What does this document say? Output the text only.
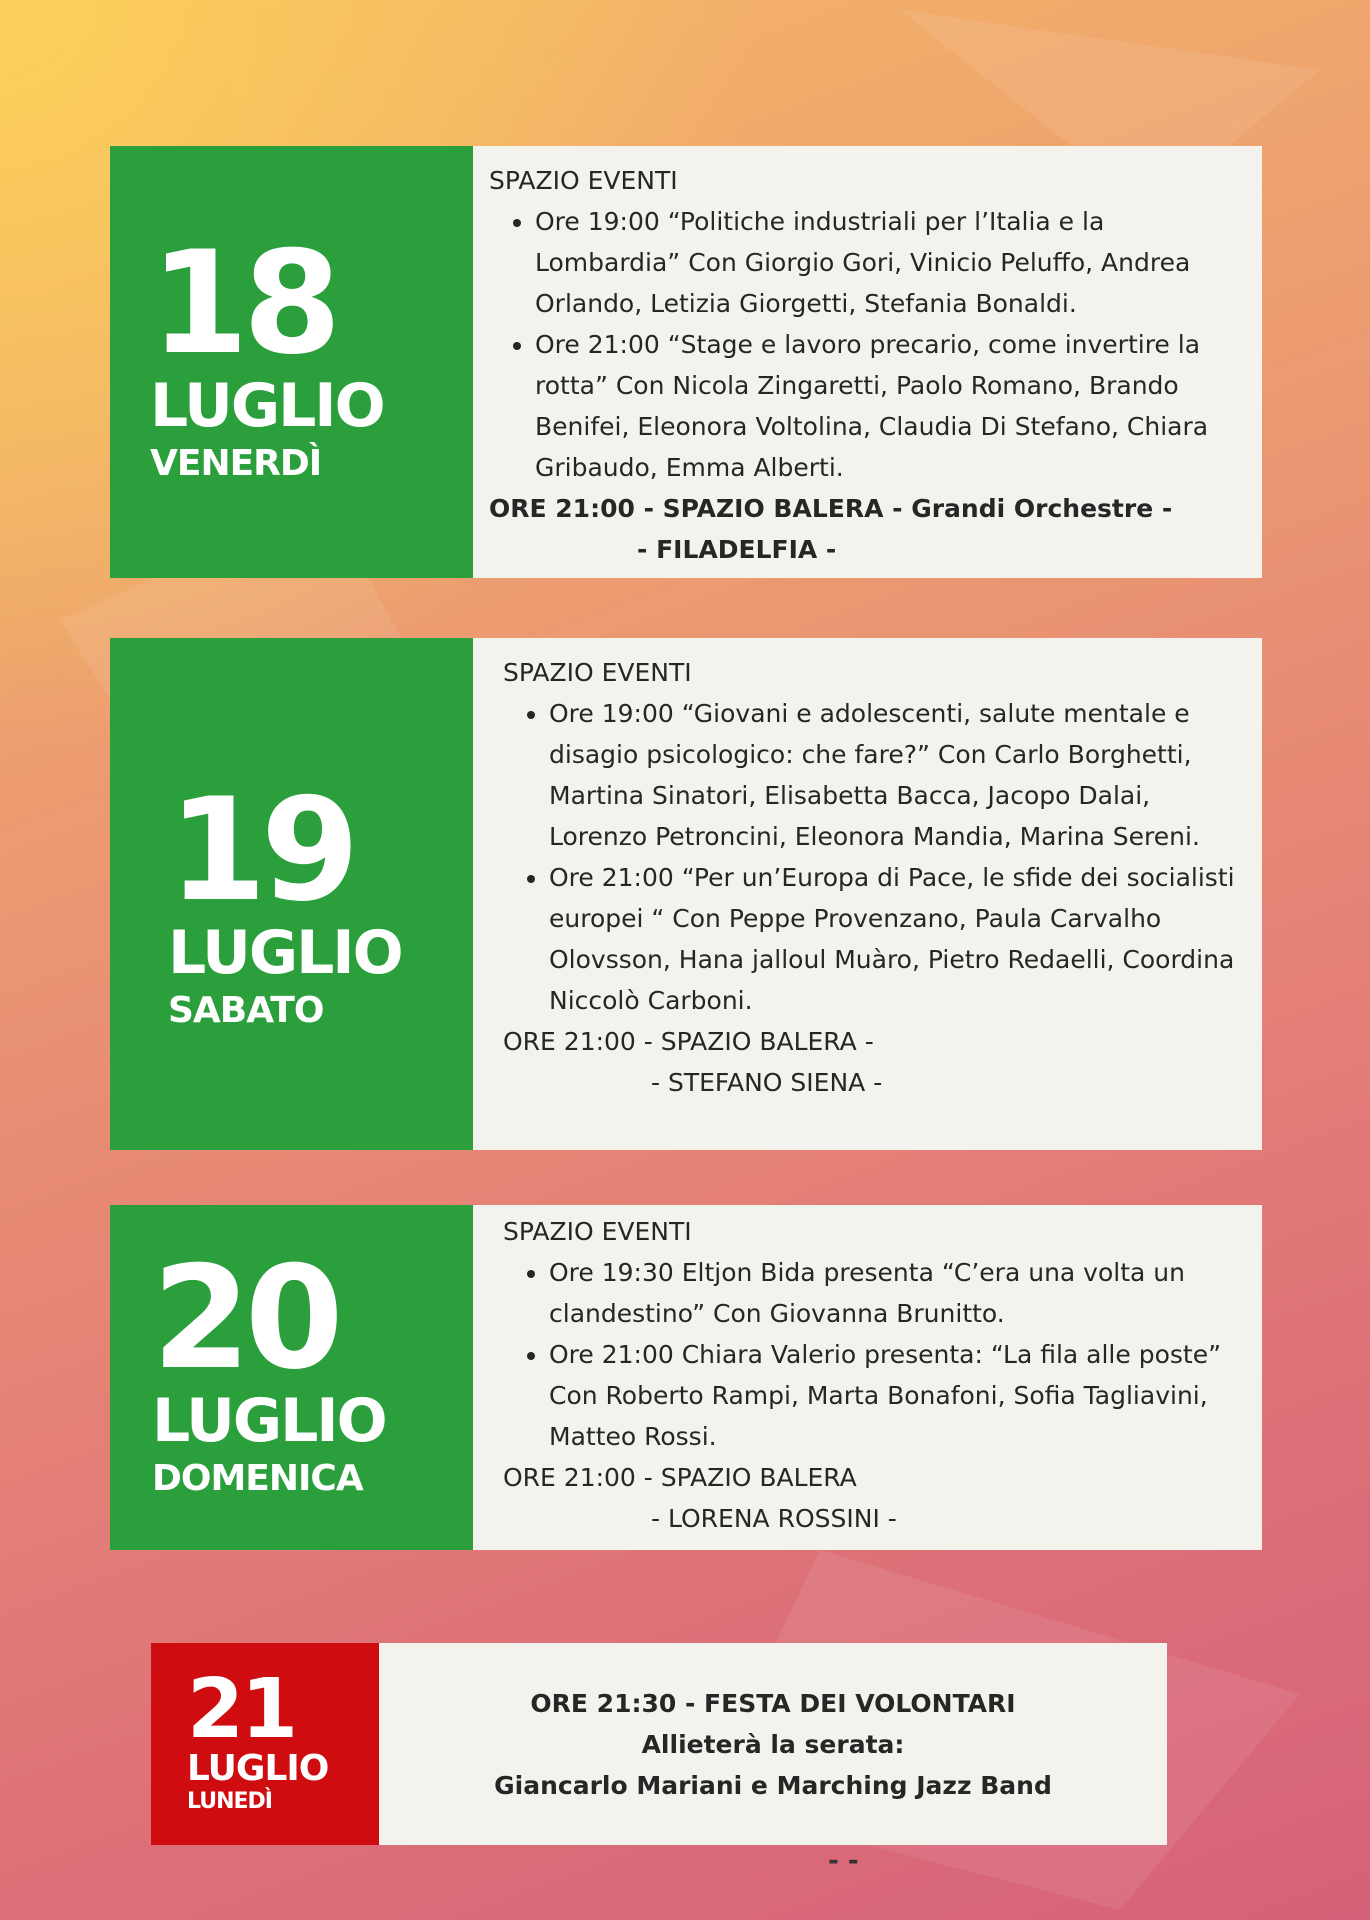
18
LUGLIO
VENERDÌ

SPAZIO EVENTI

• Ore 19:00 “Politiche industriali per l’Italia e la Lombardia” Con Giorgio Gori, Vinicio Peluffo, Andrea Orlando, Letizia Giorgetti, Stefania Bonaldi.
• Ore 21:00 “Stage e lavoro precario, come invertire la rotta” Con Nicola Zingaretti, Paolo Romano, Brando Benifei, Eleonora Voltolina, Claudia Di Stefano, Chiara Gribaudo, Emma Alberti.

ORE 21:00 - SPAZIO BALERA - Grandi Orchestre -

- FILADELFIA -

19
LUGLIO
SABATO

SPAZIO EVENTI

• Ore 19:00 “Giovani e adolescenti, salute mentale e disagio psicologico: che fare?” Con Carlo Borghetti, Martina Sinatori, Elisabetta Bacca, Jacopo Dalai, Lorenzo Petroncini, Eleonora Mandia, Marina Sereni.
• Ore 21:00 “Per un’Europa di Pace, le sfide dei socialisti europei “ Con Peppe Provenzano, Paula Carvalho Olovsson, Hana jalloul Muàro, Pietro Redaelli, Coordina Niccolò Carboni.

ORE 21:00 - SPAZIO BALERA -

- STEFANO SIENA -

20
LUGLIO
DOMENICA

SPAZIO EVENTI

• Ore 19:30 Eltjon Bida presenta “C’era una volta un clandestino” Con Giovanna Brunitto.
• Ore 21:00 Chiara Valerio presenta: “La fila alle poste” Con Roberto Rampi, Marta Bonafoni, Sofia Tagliavini, Matteo Rossi.

ORE 21:00 - SPAZIO BALERA

- LORENA ROSSINI -

21
LUGLIO
LUNEDÌ
ORE 21:30 - FESTA DEI VOLONTARI
Allieterà la serata:
Giancarlo Mariani e Marching Jazz Band
- -
